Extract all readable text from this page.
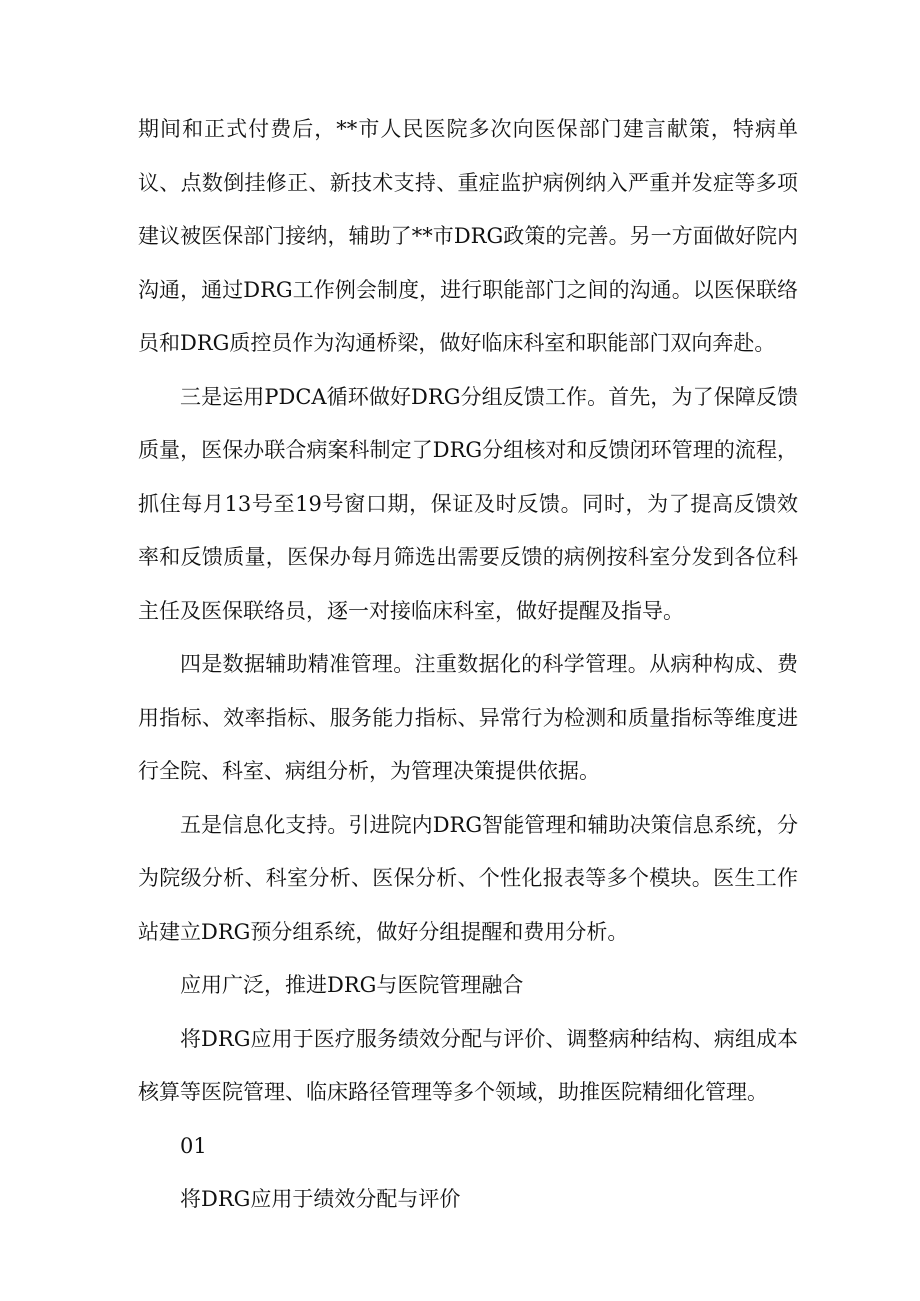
期间和正式付费后，**市人民医院多次向医保部门建言献策，特病单议、点数倒挂修正、新技术支持、重症监护病例纳入严重并发症等多项建议被医保部门接纳，辅助了**市DRG政策的完善。另一方面做好院内沟通，通过DRG工作例会制度，进行职能部门之间的沟通。以医保联络员和DRG质控员作为沟通桥梁，做好临床科室和职能部门双向奔赴。

三是运用PDCA循环做好DRG分组反馈工作。首先，为了保障反馈质量，医保办联合病案科制定了DRG分组核对和反馈闭环管理的流程，抓住每月13号至19号窗口期，保证及时反馈。同时，为了提高反馈效率和反馈质量，医保办每月筛选出需要反馈的病例按科室分发到各位科主任及医保联络员，逐一对接临床科室，做好提醒及指导。

四是数据辅助精准管理。注重数据化的科学管理。从病种构成、费用指标、效率指标、服务能力指标、异常行为检测和质量指标等维度进行全院、科室、病组分析，为管理决策提供依据。

五是信息化支持。引进院内DRG智能管理和辅助决策信息系统，分为院级分析、科室分析、医保分析、个性化报表等多个模块。医生工作站建立DRG预分组系统，做好分组提醒和费用分析。

应用广泛，推进DRG与医院管理融合

将DRG应用于医疗服务绩效分配与评价、调整病种结构、病组成本核算等医院管理、临床路径管理等多个领域，助推医院精细化管理。

01

将DRG应用于绩效分配与评价
